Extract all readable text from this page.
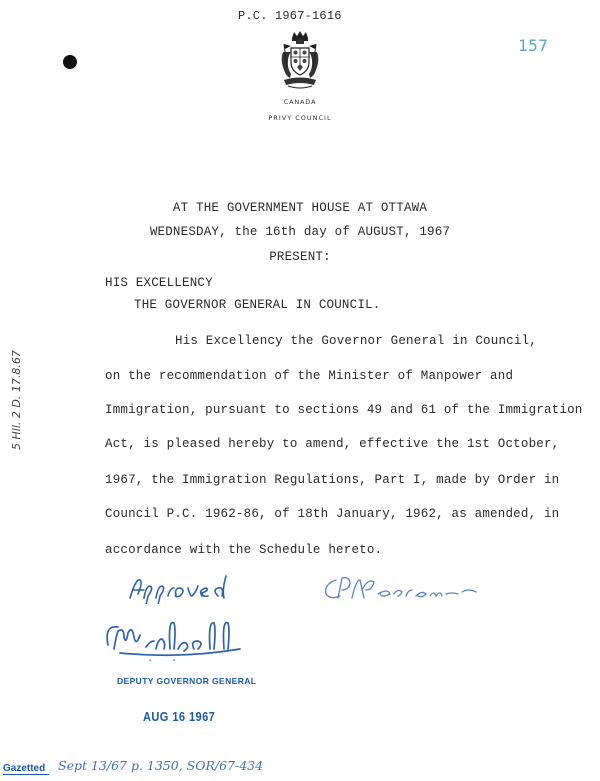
P.C. 1967-1616
157
CANADA
PRIVY COUNCIL
AT THE GOVERNMENT HOUSE AT OTTAWA
WEDNESDAY, the 16th day of AUGUST, 1967
PRESENT:
HIS EXCELLENCY
THE GOVERNOR GENERAL IN COUNCIL.
His Excellency the Governor General in Council,
on the recommendation of the Minister of Manpower and
Immigration, pursuant to sections 49 and 61 of the Immigration
Act, is pleased hereby to amend, effective the 1st October,
1967, the Immigration Regulations, Part I, made by Order in
Council P.C. 1962-86, of 18th January, 1962, as amended, in
accordance with the Schedule hereto.
5 Hll. 2 D. 17.8.67
.   .
DEPUTY GOVERNOR GENERAL
AUG 16 1967
Gazetted Sept 13/67 p. 1350, SOR/67-434
